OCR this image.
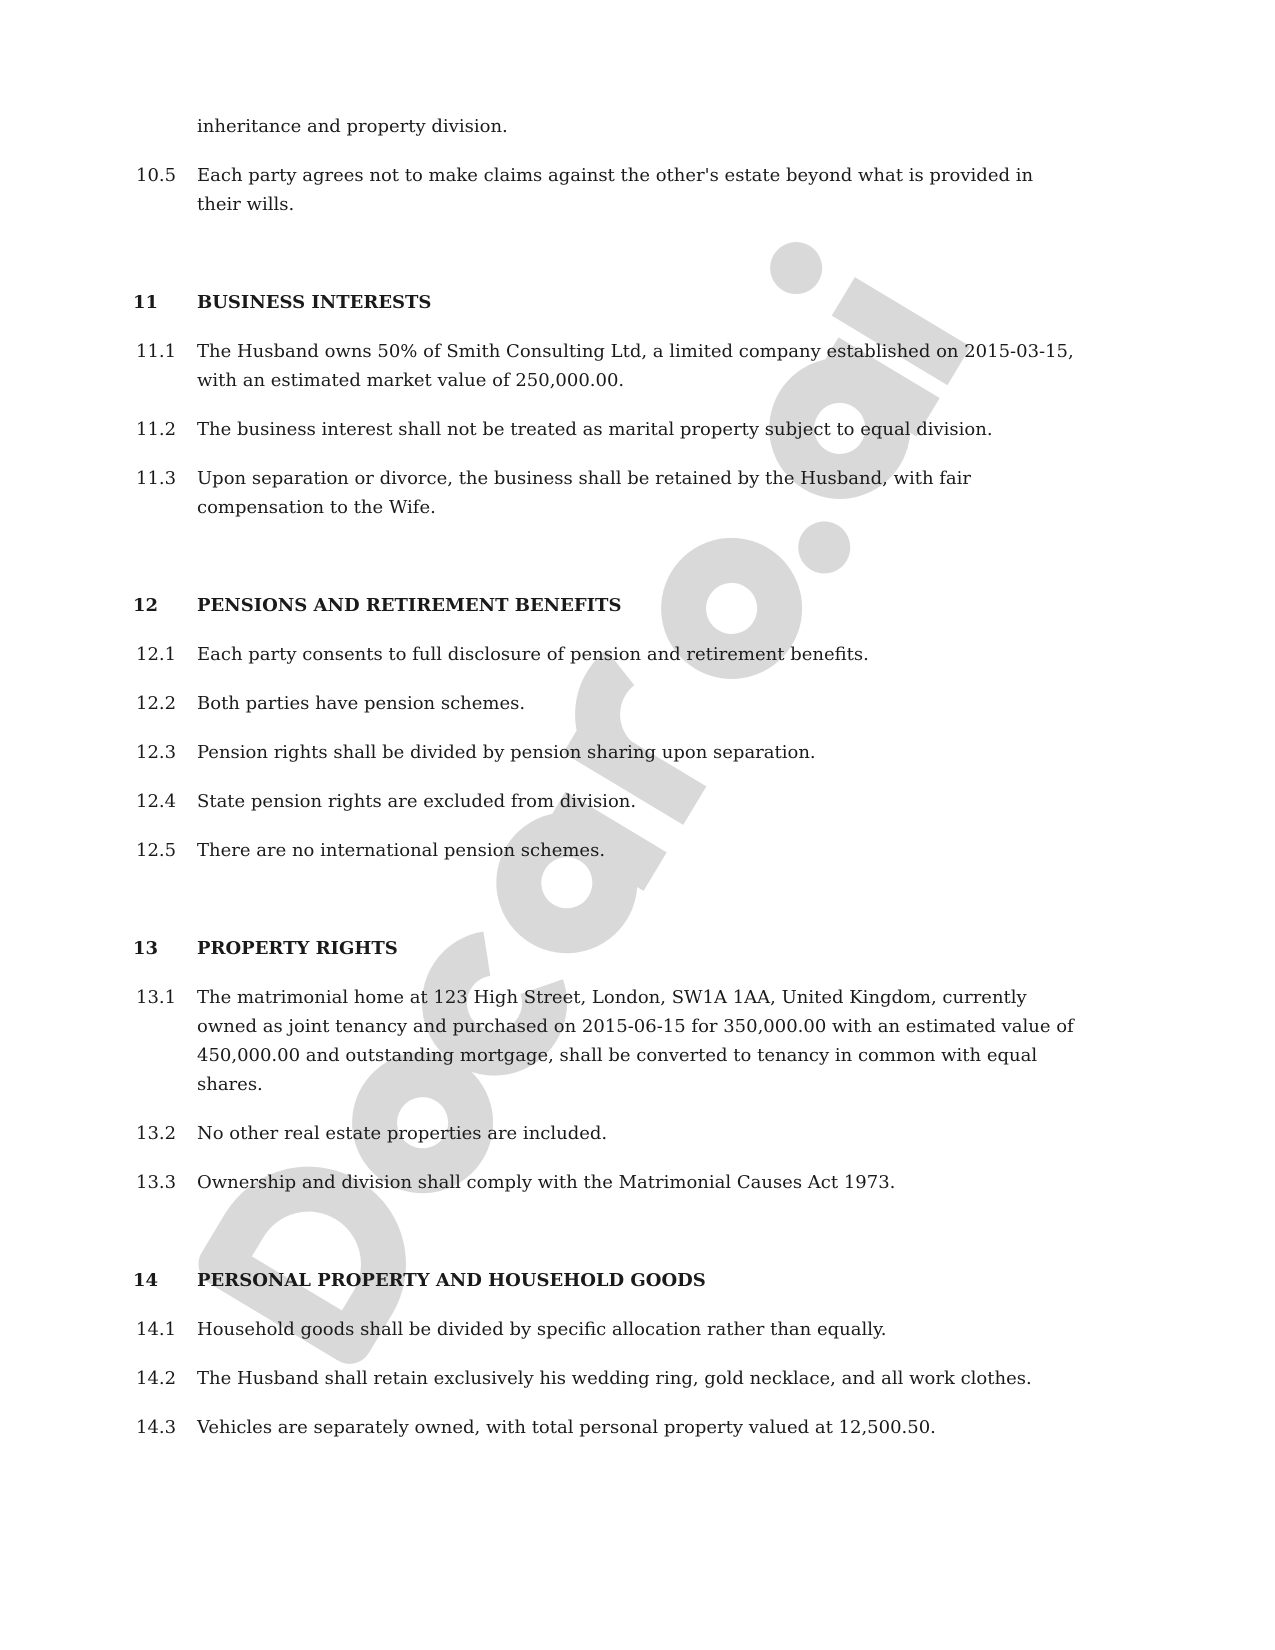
inheritance and property division.
10.5	Each party agrees not to make claims against the other's estate beyond what is provided in their wills.
11	BUSINESS INTERESTS
11.1	The Husband owns 50% of Smith Consulting Ltd, a limited company established on 2015-03-15, with an estimated market value of 250,000.00.
11.2	The business interest shall not be treated as marital property subject to equal division.
11.3	Upon separation or divorce, the business shall be retained by the Husband, with fair compensation to the Wife.
12	PENSIONS AND RETIREMENT BENEFITS
12.1	Each party consents to full disclosure of pension and retirement benefits.
12.2	Both parties have pension schemes.
12.3	Pension rights shall be divided by pension sharing upon separation.
12.4	State pension rights are excluded from division.
12.5	There are no international pension schemes.
13	PROPERTY RIGHTS
13.1	The matrimonial home at 123 High Street, London, SW1A 1AA, United Kingdom, currently owned as joint tenancy and purchased on 2015-06-15 for 350,000.00 with an estimated value of 450,000.00 and outstanding mortgage, shall be converted to tenancy in common with equal shares.
13.2	No other real estate properties are included.
13.3	Ownership and division shall comply with the Matrimonial Causes Act 1973.
14	PERSONAL PROPERTY AND HOUSEHOLD GOODS
14.1	Household goods shall be divided by specific allocation rather than equally.
14.2	The Husband shall retain exclusively his wedding ring, gold necklace, and all work clothes.
14.3	Vehicles are separately owned, with total personal property valued at 12,500.50.
